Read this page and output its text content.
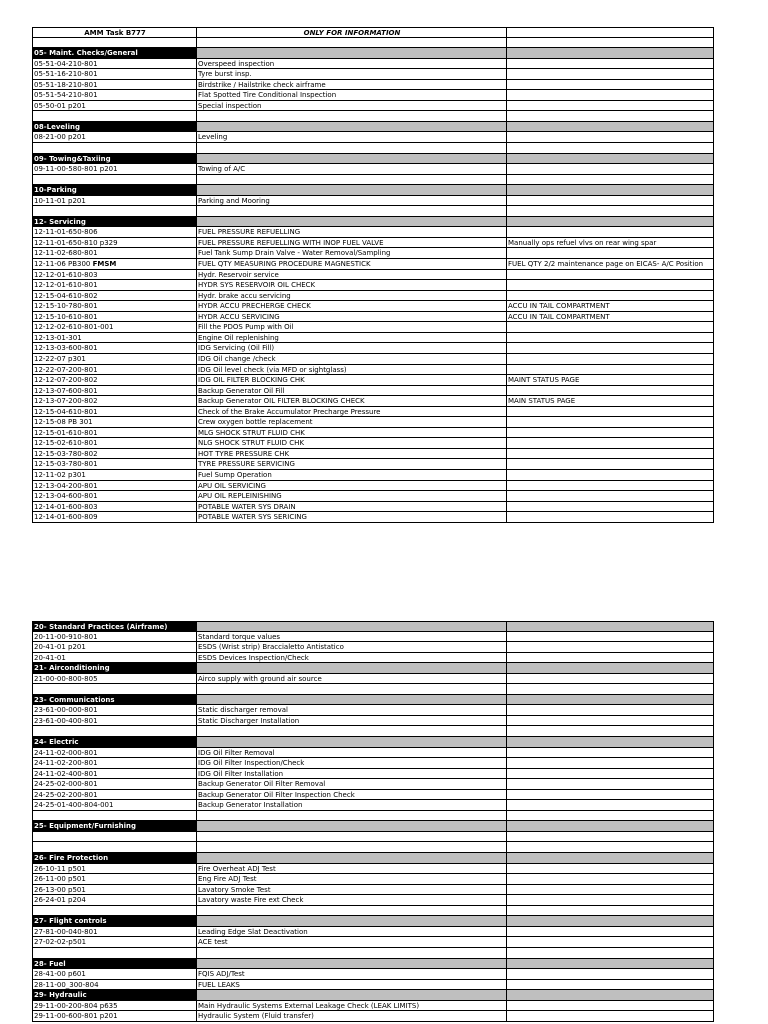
AMM Task B777	ONLY FOR INFORMATION
05- Maint. Checks/General
05-51-04-210-801	Overspeed inspection
05-51-16-210-801	Tyre burst insp.
05-51-18-210-801	Birdstrike / Hailstrike check airframe
05-51-54-210-801	Flat Spotted Tire Conditional Inspection
05-50-01 p201	Special inspection
08-Leveling
08-21-00 p201	Leveling
09- Towing&Taxiing
09-11-00-580-801 p201	Towing of A/C
10-Parking
10-11-01 p201	Parking and Mooring
12- Servicing
12-11-01-650-806	FUEL PRESSURE REFUELLING
12-11-01-650-810 p329	FUEL PRESSURE REFUELLING WITH INOP FUEL VALVE	Manually ops refuel vlvs on rear wing spar
12-11-02-680-801	Fuel Tank Sump Drain Valve - Water Removal/Sampling
12-11-06 PB300 FMSM	FUEL QTY MEASURING PROCEDURE MAGNESTICK	FUEL QTY 2/2 maintenance page on EICAS- A/C Position
12-12-01-610-803	Hydr. Reservoir service
12-12-01-610-801	HYDR SYS RESERVOIR OIL CHECK
12-15-04-610-802	Hydr. brake accu servicing
12-15-10-780-801	HYDR ACCU PRECHERGE CHECK	ACCU IN TAIL COMPARTMENT
12-15-10-610-801	HYDR ACCU SERVICING	ACCU IN TAIL COMPARTMENT
12-12-02-610-801-001	Fill the PDOS Pump with Oil
12-13-01-301	Engine Oil replenishing
12-13-03-600-801	IDG Servicing (Oil Fill)
12-22-07 p301	IDG Oil change /check
12-22-07-200-801	IDG Oil level check (via MFD or sightglass)
12-12-07-200-802	IDG OIL FILTER BLOCKING CHK	MAINT STATUS PAGE
12-13-07-600-801	Backup Generator Oil Fill
12-13-07-200-802	Backup Generator OIL FILTER BLOCKING CHECK	MAIN STATUS PAGE
12-15-04-610-801	Check of the Brake Accumulator Precharge Pressure
12-15-08 PB 301	Crew oxygen bottle replacement
12-15-01-610-801	MLG SHOCK STRUT FLUID CHK
12-15-02-610-801	NLG SHOCK STRUT FLUID CHK
12-15-03-780-802	HOT TYRE PRESSURE CHK
12-15-03-780-801	TYRE PRESSURE SERVICING
12-11-02 p301	Fuel Sump Operation
12-13-04-200-801	APU OIL SERVICING
12-13-04-600-801	APU OIL REPLEINISHING
12-14-01-600-803	POTABLE WATER SYS DRAIN
12-14-01-600-809	POTABLE WATER SYS SERICING
20- Standard Practices (Airframe)
20-11-00-910-801	Standard torque values
20-41-01 p201	ESDS (Wrist strip) Braccialetto Antistatico
20-41-01	ESDS Devices Inspection/Check
21- Airconditioning
21-00-00-800-805	Airco supply with ground air source
23- Communications
23-61-00-000-801	Static discharger removal
23-61-00-400-801	Static Discharger Installation
24- Electric
24-11-02-000-801	IDG Oil Filter Removal
24-11-02-200-801	IDG Oil Filter Inspection/Check
24-11-02-400-801	IDG Oil Filter Installation
24-25-02-000-801	Backup Generator Oil Filter Removal
24-25-02-200-801	Backup Generator Oil Filter Inspection Check
24-25-01-400-804-001	Backup Generator Installation
25- Equipment/Furnishing
26- Fire Protection
26-10-11 p501	Fire Overheat ADJ Test
26-11-00 p501	Eng Fire ADJ Test
26-13-00 p501	Lavatory Smoke Test
26-24-01 p204	Lavatory waste Fire ext Check
27- Flight controls
27-81-00-040-801	Leading Edge Slat Deactivation
27-02-02-p501	ACE test
28- Fuel
28-41-00 p601	FQIS ADJ/Test
28-11-00_300-804	FUEL LEAKS
29- Hydraulic
29-11-00-200-804 p635	Main Hydraulic Systems External Leakage Check (LEAK LIMITS)
29-11-00-600-801 p201	Hydraulic System (Fluid transfer)
